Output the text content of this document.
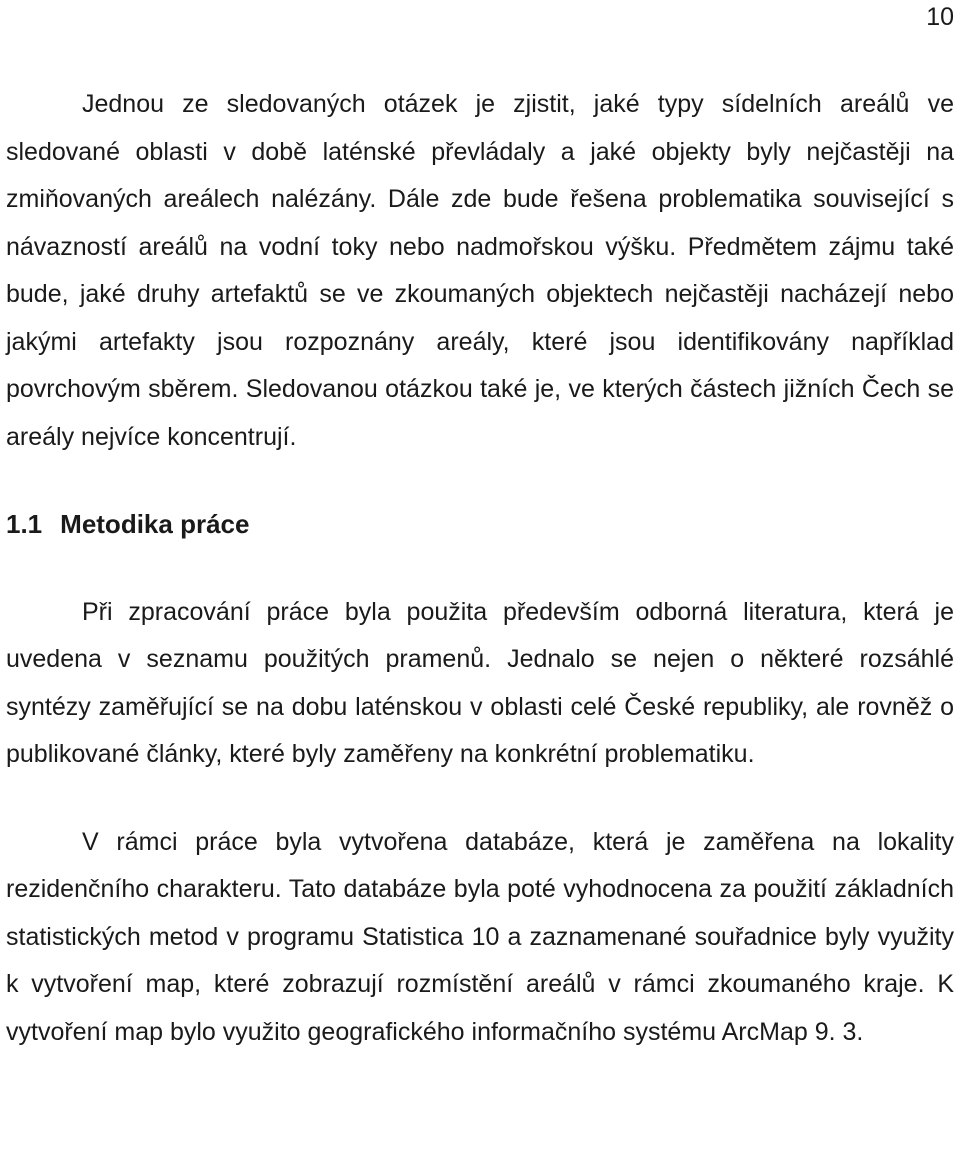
10

Jednou ze sledovaných otázek je zjistit, jaké typy sídelních areálů ve sledované oblasti v době laténské převládaly a jaké objekty byly nejčastěji na zmiňovaných areálech nalézány. Dále zde bude řešena problematika související s návazností areálů na vodní toky nebo nadmořskou výšku. Předmětem zájmu také bude, jaké druhy artefaktů se ve zkoumaných objektech nejčastěji nacházejí nebo jakými artefakty jsou rozpoznány areály, které jsou identifikovány například povrchovým sběrem. Sledovanou otázkou také je, ve kterých částech jižních Čech se areály nejvíce koncentrují.

1.1 Metodika práce

Při zpracování práce byla použita především odborná literatura, která je uvedena v seznamu použitých pramenů. Jednalo se nejen o některé rozsáhlé syntézy zaměřující se na dobu laténskou v oblasti celé České republiky, ale rovněž o publikované články, které byly zaměřeny na konkrétní problematiku.

V rámci práce byla vytvořena databáze, která je zaměřena na lokality rezidenčního charakteru. Tato databáze byla poté vyhodnocena za použití základních statistických metod v programu Statistica 10 a zaznamenané souřadnice byly využity k vytvoření map, které zobrazují rozmístění areálů v rámci zkoumaného kraje. K vytvoření map bylo využito geografického informačního systému ArcMap 9. 3.
